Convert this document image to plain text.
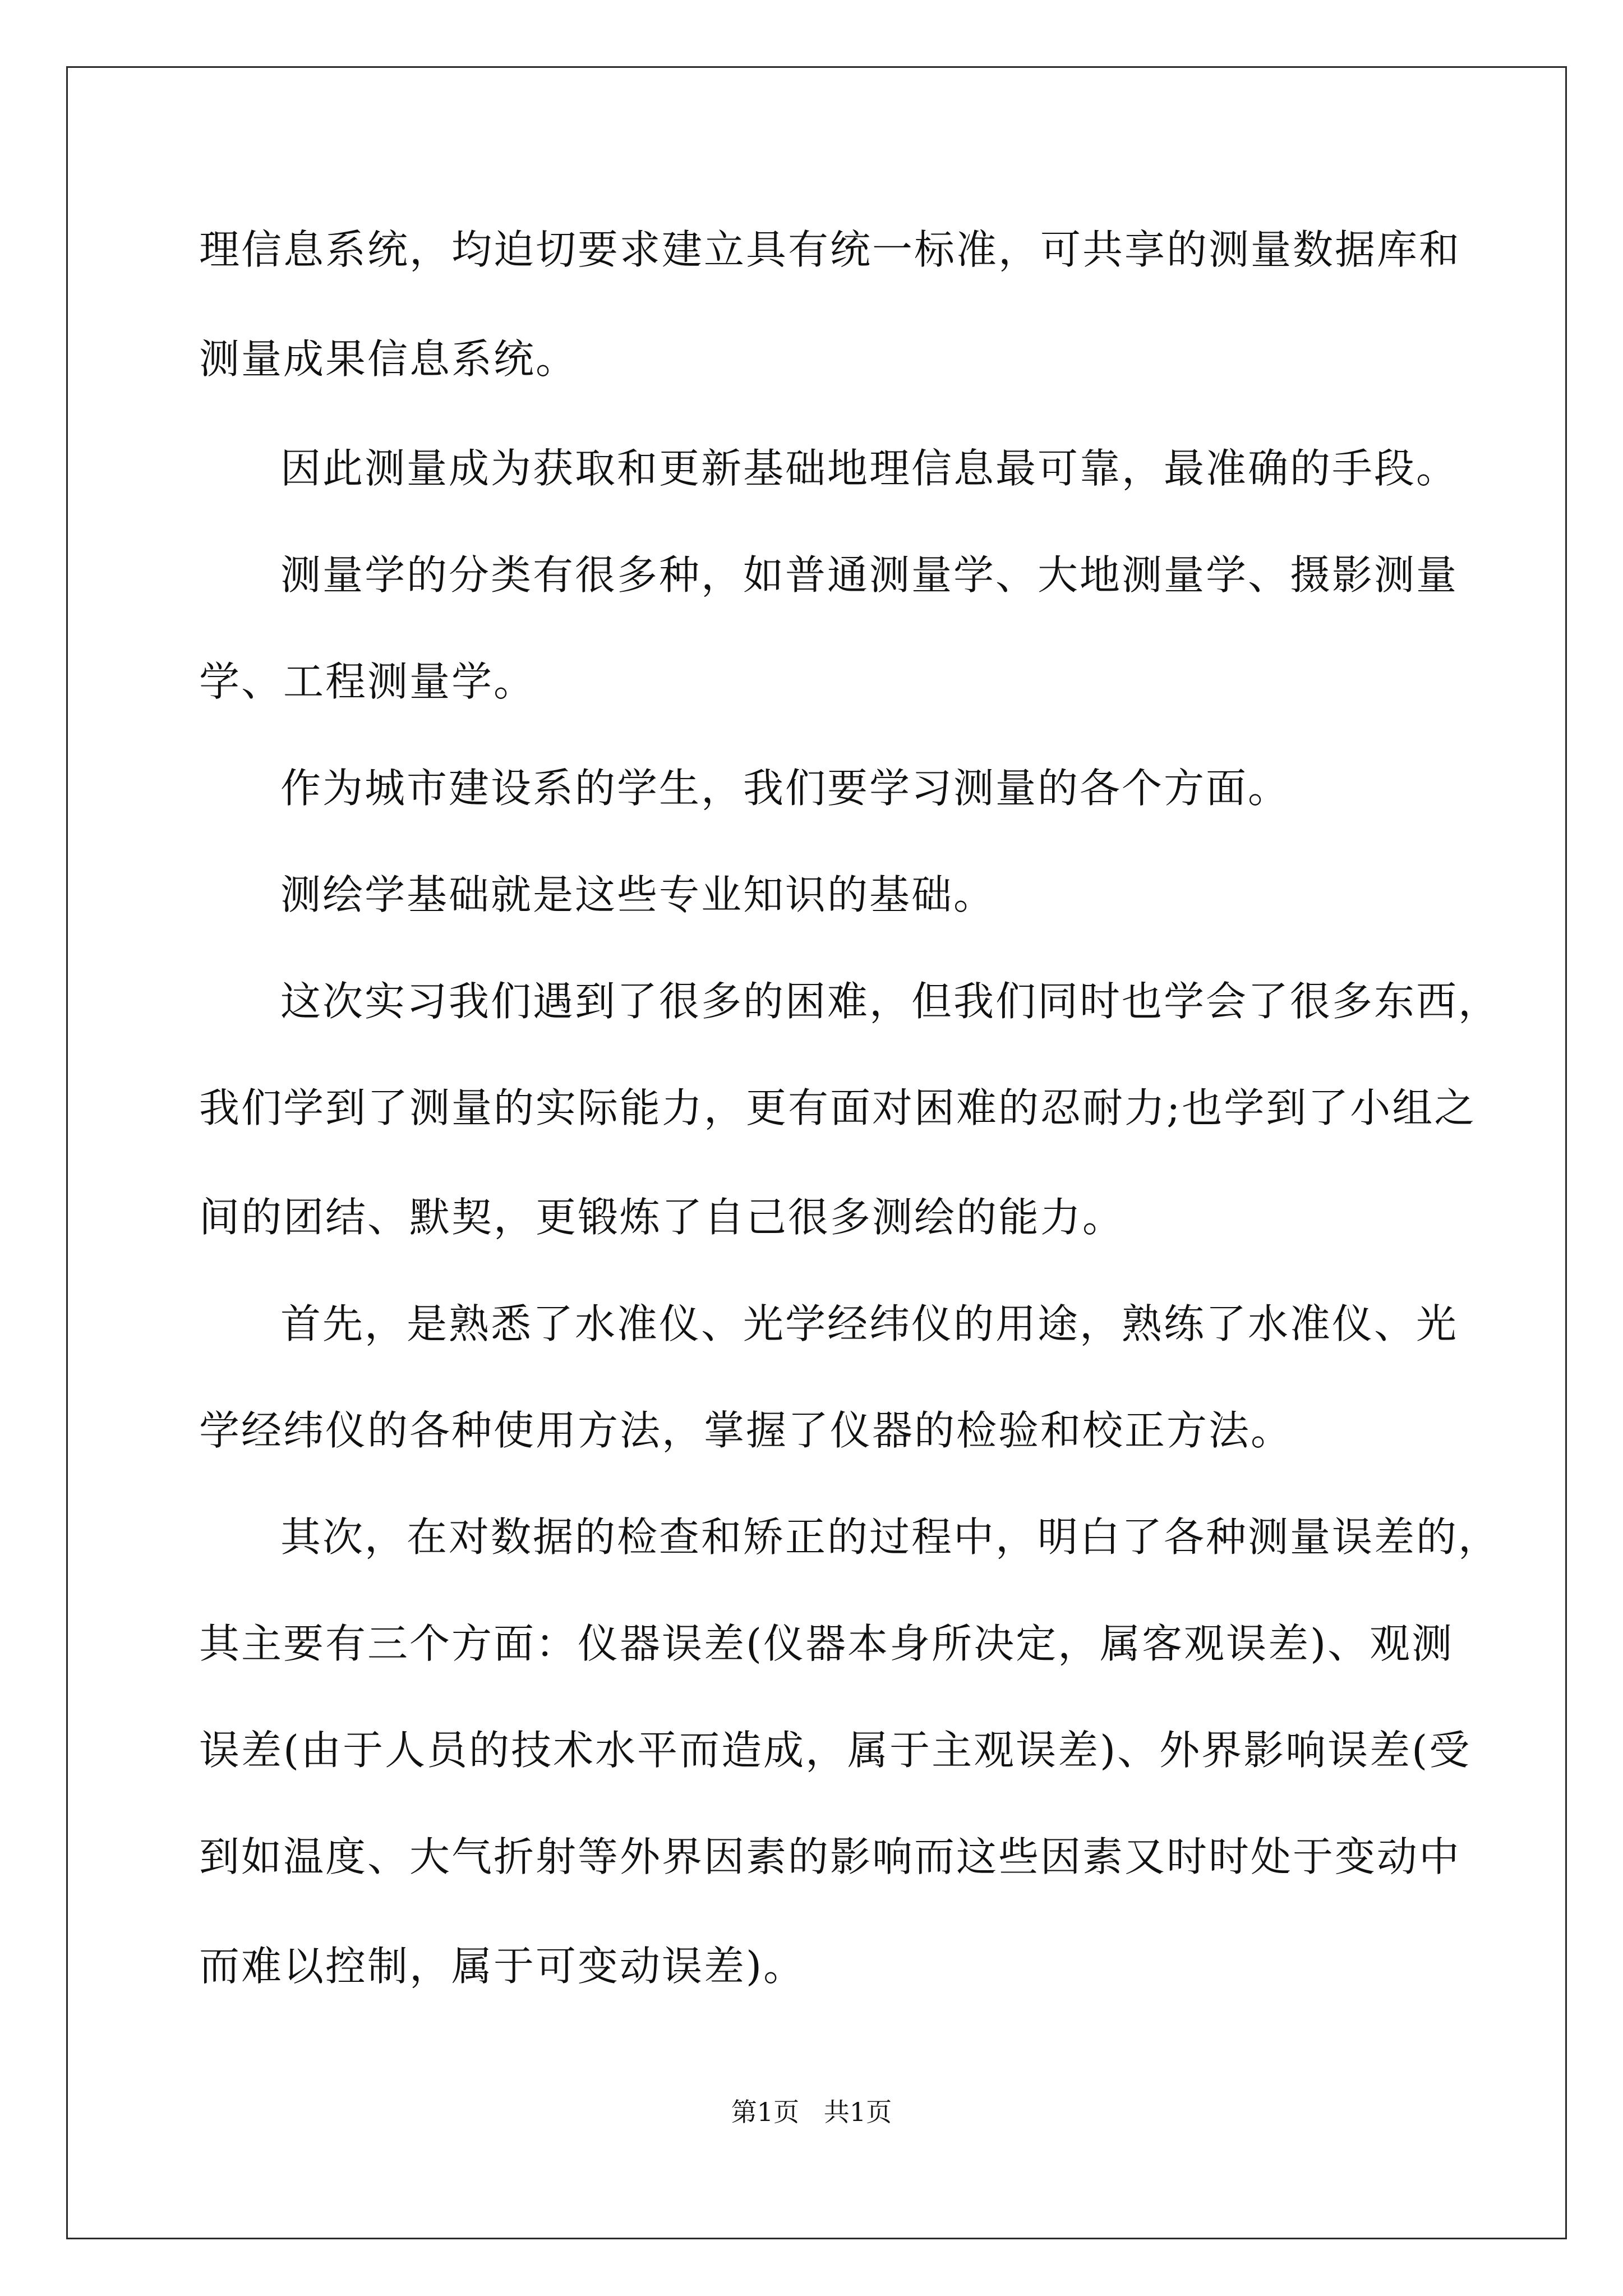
理信息系统，均迫切要求建立具有统一标准，可共享的测量数据库和
测量成果信息系统。
因此测量成为获取和更新基础地理信息最可靠，最准确的手段。
测量学的分类有很多种，如普通测量学、大地测量学、摄影测量
学、工程测量学。
作为城市建设系的学生，我们要学习测量的各个方面。
测绘学基础就是这些专业知识的基础。
这次实习我们遇到了很多的困难，但我们同时也学会了很多东西，
我们学到了测量的实际能力，更有面对困难的忍耐力;也学到了小组之
间的团结、默契，更锻炼了自己很多测绘的能力。
首先，是熟悉了水准仪、光学经纬仪的用途，熟练了水准仪、光
学经纬仪的各种使用方法，掌握了仪器的检验和校正方法。
其次，在对数据的检查和矫正的过程中，明白了各种测量误差的，
其主要有三个方面：仪器误差(仪器本身所决定，属客观误差)、观测
误差(由于人员的技术水平而造成，属于主观误差)、外界影响误差(受
到如温度、大气折射等外界因素的影响而这些因素又时时处于变动中
而难以控制，属于可变动误差)。
第1页   共1页
